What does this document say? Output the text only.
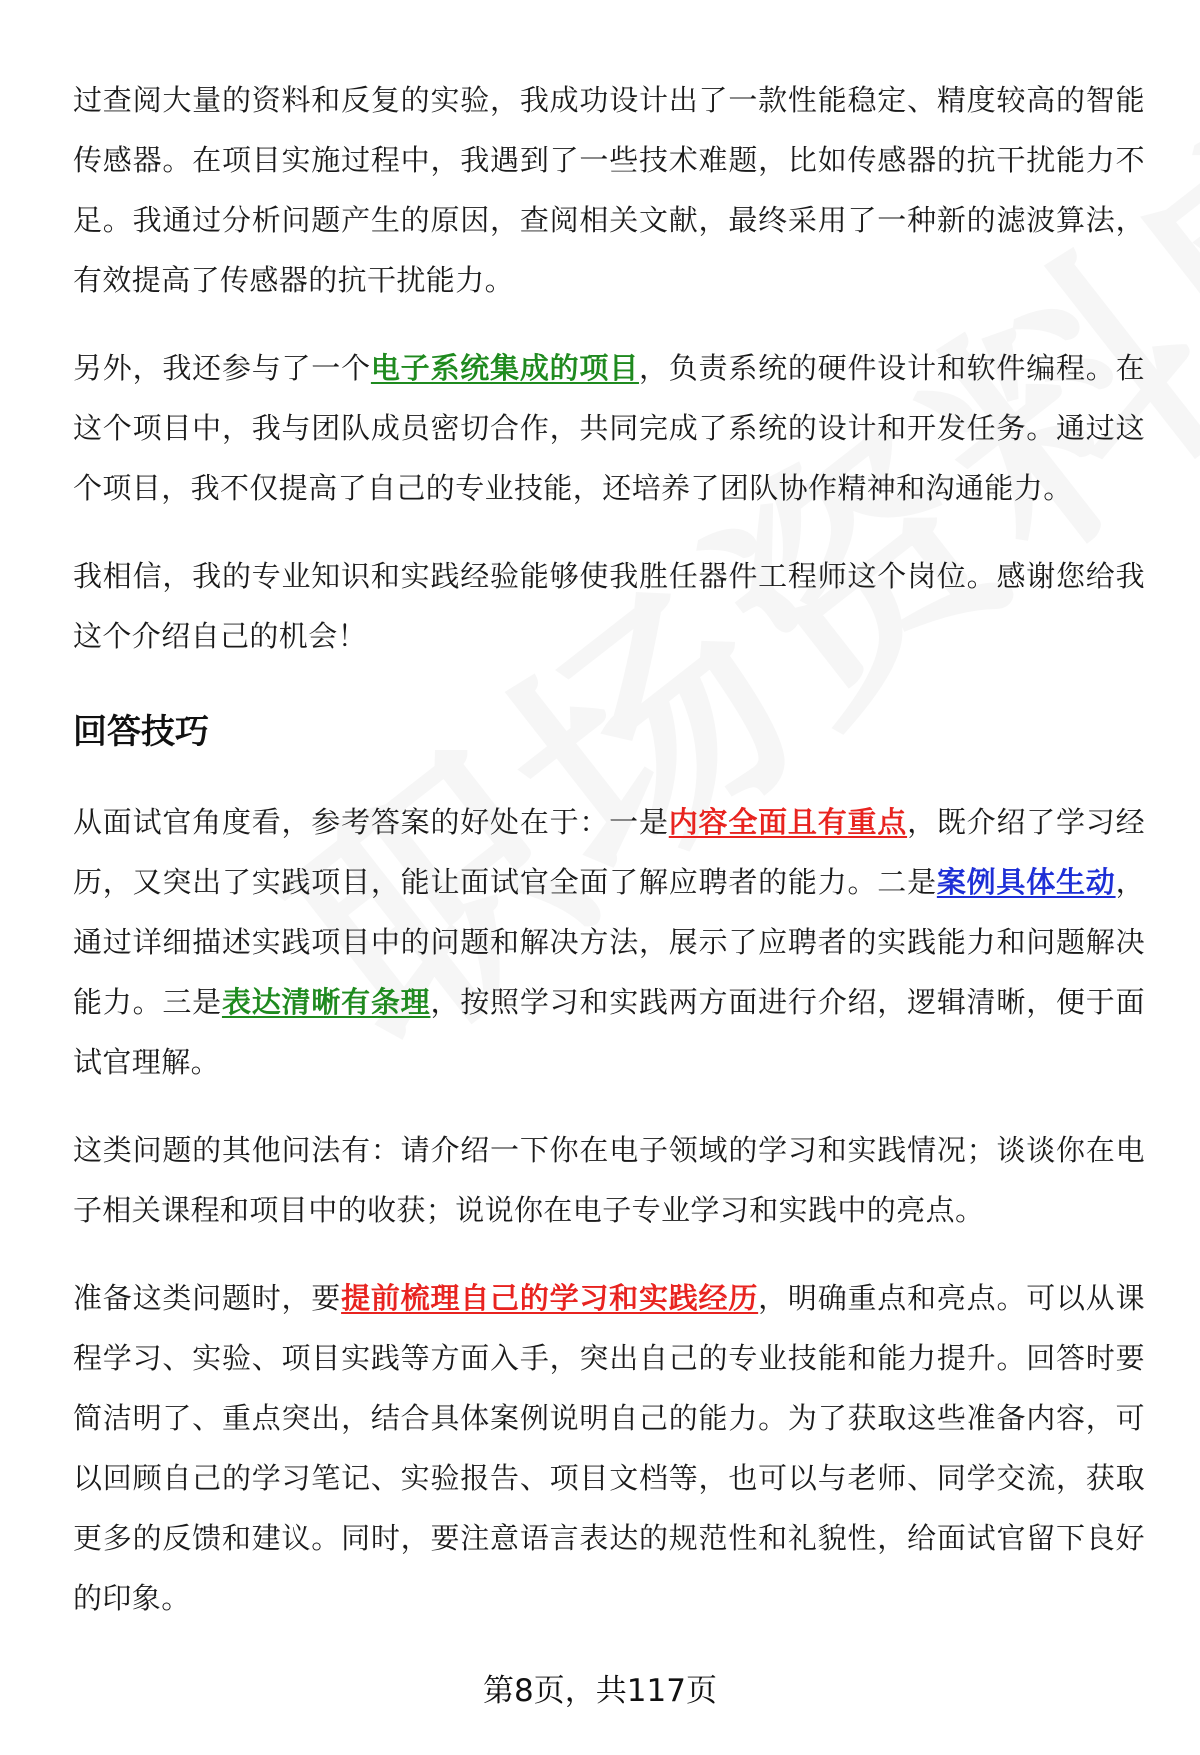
过查阅大量的资料和反复的实验，我成功设计出了一款性能稳定、精度较高的智能传感器。在项目实施过程中，我遇到了一些技术难题，比如传感器的抗干扰能力不足。我通过分析问题产生的原因，查阅相关文献，最终采用了一种新的滤波算法，有效提高了传感器的抗干扰能力。

另外，我还参与了一个电子系统集成的项目，负责系统的硬件设计和软件编程。在这个项目中，我与团队成员密切合作，共同完成了系统的设计和开发任务。通过这个项目，我不仅提高了自己的专业技能，还培养了团队协作精神和沟通能力。

我相信，我的专业知识和实践经验能够使我胜任器件工程师这个岗位。感谢您给我这个介绍自己的机会！

回答技巧

从面试官角度看，参考答案的好处在于：一是内容全面且有重点，既介绍了学习经历，又突出了实践项目，能让面试官全面了解应聘者的能力。二是案例具体生动，通过详细描述实践项目中的问题和解决方法，展示了应聘者的实践能力和问题解决能力。三是表达清晰有条理，按照学习和实践两方面进行介绍，逻辑清晰，便于面试官理解。

这类问题的其他问法有：请介绍一下你在电子领域的学习和实践情况；谈谈你在电子相关课程和项目中的收获；说说你在电子专业学习和实践中的亮点。

准备这类问题时，要提前梳理自己的学习和实践经历，明确重点和亮点。可以从课程学习、实验、项目实践等方面入手，突出自己的专业技能和能力提升。回答时要简洁明了、重点突出，结合具体案例说明自己的能力。为了获取这些准备内容，可以回顾自己的学习笔记、实验报告、项目文档等，也可以与老师、同学交流，获取更多的反馈和建议。同时，要注意语言表达的规范性和礼貌性，给面试官留下良好的印象。

第8页，共117页
